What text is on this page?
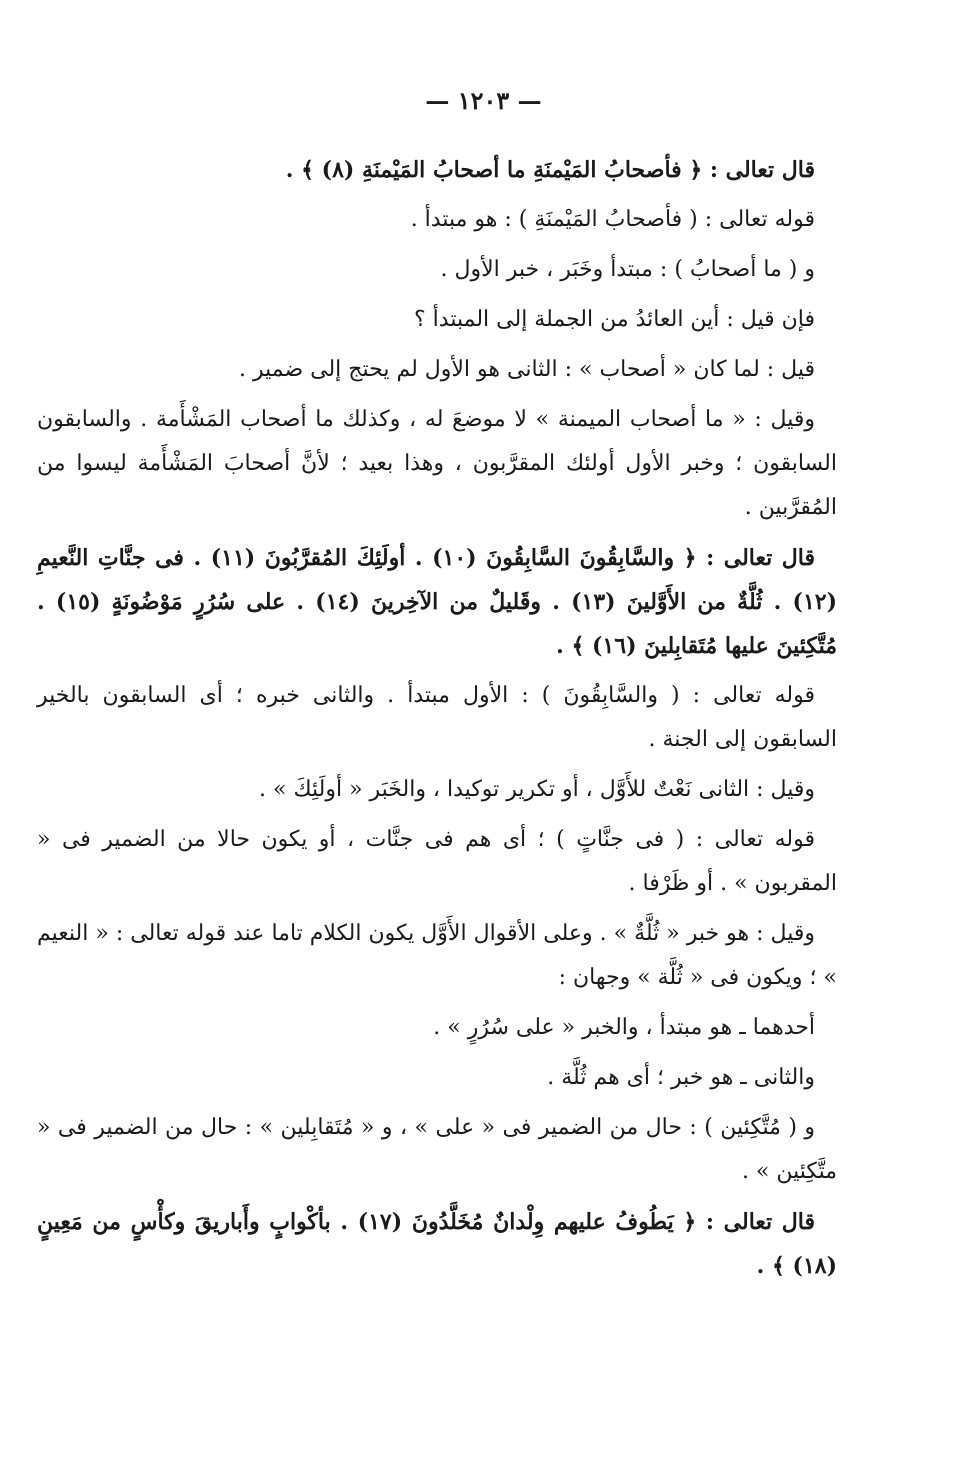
— ١٢٠٣ —

قال تعالى : ﴿ فأصحابُ المَيْمنَةِ ما أصحابُ المَيْمنَةِ (٨) ﴾ .

قوله تعالى : ( فأصحابُ المَيْمنَةِ ) : هو مبتدأ .

و ( ما أصحابُ ) : مبتدأ وخَبَر ، خبر الأول .

فإن قيل : أين العائدُ من الجملة إلى المبتدأ ؟

قيل : لما كان « أصحاب » : الثانى هو الأول لم يحتج إلى ضمير .

وقيل : « ما أصحاب الميمنة » لا موضعَ له ، وكذلك ما أصحاب المَشْأَمة . والسابقون السابقون ؛ وخبر الأول أولئك المقرَّبون ، وهذا بعيد ؛ لأنَّ أصحابَ المَشْأَمة ليسوا من المُقرَّبين .

قال تعالى : ﴿ والسَّابِقُونَ السَّابِقُونَ (١٠) . أولَئِكَ المُقرَّبُونَ (١١) . فى جنَّاتِ النَّعيمِ (١٢) . ثُلَّةٌ من الأَوَّلينَ (١٣) . وقَليلٌ من الآخِرينَ (١٤) . على سُرُرٍ مَوْضُونَةٍ (١٥) . مُتَّكِئينَ عليها مُتَقابِلينَ (١٦) ﴾ .

قوله تعالى : ( والسَّابِقُونَ ) : الأول مبتدأ . والثانى خبره ؛ أى السابقون بالخير السابقون إلى الجنة .

وقيل : الثانى نَعْتٌ للأَوَّل ، أو تكرير توكيدا ، والخَبَر « أولَئِكَ » .

قوله تعالى : ( فى جنَّاتٍ ) ؛ أى هم فى جنَّات ، أو يكون حالا من الضمير فى « المقربون » . أو ظَرْفا .

وقيل : هو خبر « ثُلَّةٌ » . وعلى الأقوال الأَوَّل يكون الكلام تاما عند قوله تعالى : « النعيم » ؛ ويكون فى « ثُلَّة » وجهان :

أحدهما ـ هو مبتدأ ، والخبر « على سُرُرٍ » .

والثانى ـ هو خبر ؛ أى هم ثُلَّة .

و ( مُتَّكِئين ) : حال من الضمير فى « على » ، و « مُتَقابِلين » : حال من الضمير فى « متَّكِئين » .

قال تعالى : ﴿ يَطُوفُ عليهم وِلْدانٌ مُخَلَّدُونَ (١٧) . بأكْوابٍ وأَباريقَ وكأْسٍ من مَعِينٍ (١٨) ﴾ .
